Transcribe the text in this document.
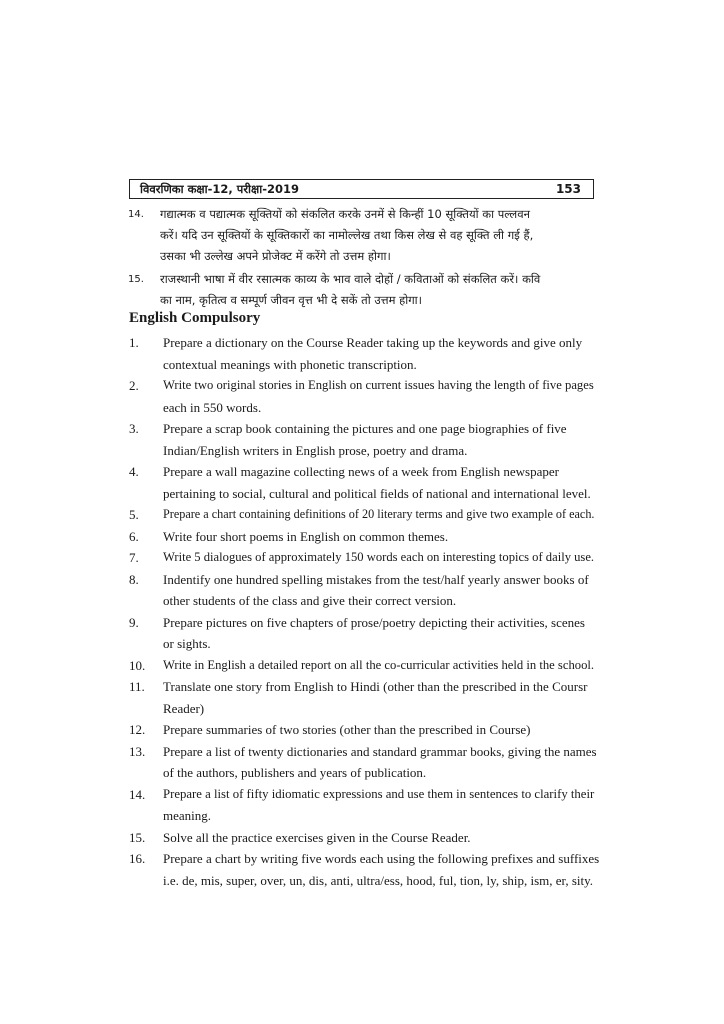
विवरणिका कक्षा-12, परीक्षा-2019	153
14.	गद्यात्मक व पद्यात्मक सूक्तियों को संकलित करके उनमें से किन्हीं 10 सूक्तियों का पल्लवन
करें। यदि उन सूक्तियों के सूक्तिकारों का नामोल्लेख तथा किस लेख से वह सूक्ति ली गई हैं,
उसका भी उल्लेख अपने प्रोजेक्ट में करेंगे तो उत्तम होगा।
15.	राजस्थानी भाषा में वीर रसात्मक काव्य के भाव वाले दोहों / कविताओं को संकलित करें। कवि
का नाम, कृतित्व व सम्पूर्ण जीवन वृत्त भी दे सकें तो उत्तम होगा।
English Compulsory
1. Prepare a dictionary on the Course Reader taking up the keywords and give only
contextual meanings with phonetic transcription.
2. Write two original stories in English on current issues having the length of five pages
each in 550 words.
3. Prepare a scrap book containing the pictures and one page biographies of five
Indian/English writers in English prose, poetry and drama.
4. Prepare a wall magazine collecting news of a week from English newspaper
pertaining to social, cultural and political fields of national and international level.
5. Prepare a chart containing definitions of 20 literary terms and give two example of each.
6. Write four short poems in English on common themes.
7. Write 5 dialogues of approximately 150 words each on interesting topics of daily use.
8. Indentify one hundred spelling mistakes from the test/half yearly answer books of
other students of the class and give their correct version.
9. Prepare pictures on five chapters of prose/poetry depicting their activities, scenes
or sights.
10. Write in English a detailed report on all the co-curricular activities held in the school.
11. Translate one story from English to Hindi (other than the prescribed in the Coursr
Reader)
12. Prepare summaries of two stories (other than the prescribed in Course)
13. Prepare a list of twenty dictionaries and standard grammar books, giving the names
of the authors, publishers and years of publication.
14. Prepare a list of fifty idiomatic expressions and use them in sentences to clarify their
meaning.
15. Solve all the practice exercises given in the Course Reader.
16. Prepare a chart by writing five words each using the following prefixes and suffixes
i.e. de, mis, super, over, un, dis, anti, ultra/ess, hood, ful, tion, ly, ship, ism, er, sity.
